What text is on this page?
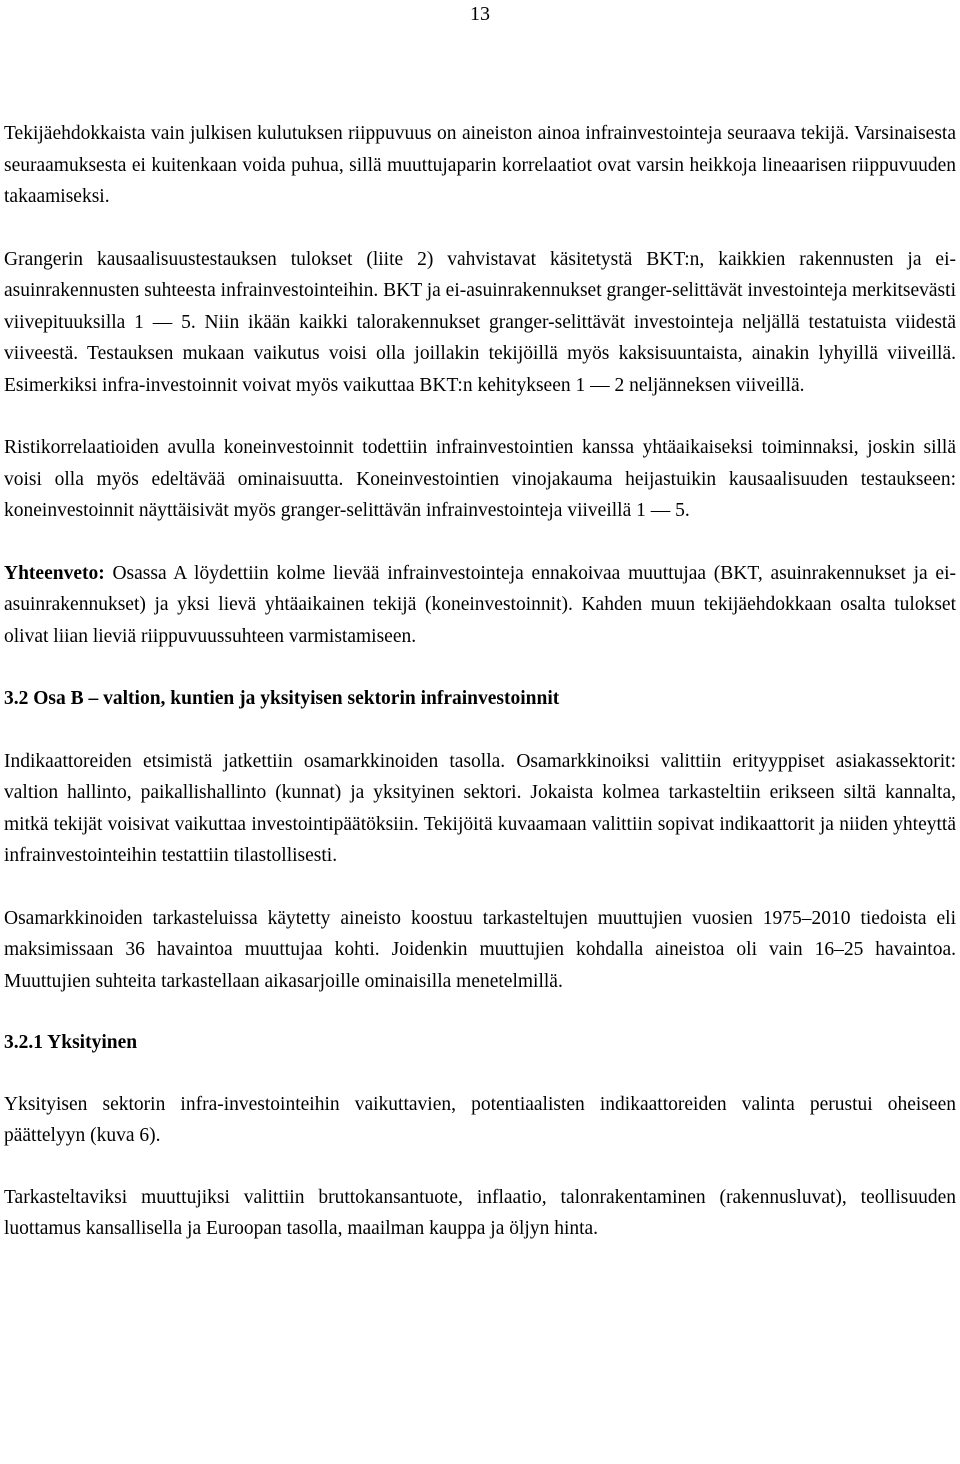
13

Tekijäehdokkaista vain julkisen kulutuksen riippuvuus on aineiston ainoa infrainvestointeja seuraava tekijä. Varsinaisesta seuraamuksesta ei kuitenkaan voida puhua, sillä muuttujaparin korrelaatiot ovat varsin heikkoja lineaarisen riippuvuuden takaamiseksi.

Grangerin kausaalisuustestauksen tulokset (liite 2) vahvistavat käsitetystä BKT:n, kaikkien rakennusten ja ei-asuinrakennusten suhteesta infrainvestointeihin. BKT ja ei-asuinrakennukset granger-selittävät investointeja merkitsevästi viivepituuksilla 1 — 5. Niin ikään kaikki talorakennukset granger-selittävät investointeja neljällä testatuista viidestä viiveestä. Testauksen mukaan vaikutus voisi olla joillakin tekijöillä myös kaksisuuntaista, ainakin lyhyillä viiveillä. Esimerkiksi infra-investoinnit voivat myös vaikuttaa BKT:n kehitykseen 1 — 2 neljänneksen viiveillä.

Ristikorrelaatioiden avulla koneinvestoinnit todettiin infrainvestointien kanssa yhtäaikaiseksi toiminnaksi, joskin sillä voisi olla myös edeltävää ominaisuutta. Koneinvestointien vinojakauma heijastuikin kausaalisuuden testaukseen: koneinvestoinnit näyttäisivät myös granger-selittävän infrainvestointeja viiveillä 1 — 5.

Yhteenveto: Osassa A löydettiin kolme lievää infrainvestointeja ennakoivaa muuttujaa (BKT, asuinrakennukset ja ei-asuinrakennukset) ja yksi lievä yhtäaikainen tekijä (koneinvestoinnit). Kahden muun tekijäehdokkaan osalta tulokset olivat liian lieviä riippuvuussuhteen varmistamiseen.

3.2 Osa B – valtion, kuntien ja yksityisen sektorin infrainvestoinnit

Indikaattoreiden etsimistä jatkettiin osamarkkinoiden tasolla. Osamarkkinoiksi valittiin erityyppiset asiakassektorit: valtion hallinto, paikallishallinto (kunnat) ja yksityinen sektori. Jokaista kolmea tarkasteltiin erikseen siltä kannalta, mitkä tekijät voisivat vaikuttaa investointipäätöksiin. Tekijöitä kuvaamaan valittiin sopivat indikaattorit ja niiden yhteyttä infrainvestointeihin testattiin tilastollisesti.

Osamarkkinoiden tarkasteluissa käytetty aineisto koostuu tarkasteltujen muuttujien vuosien 1975–2010 tiedoista eli maksimissaan 36 havaintoa muuttujaa kohti. Joidenkin muuttujien kohdalla aineistoa oli vain 16–25 havaintoa. Muuttujien suhteita tarkastellaan aikasarjoille ominaisilla menetelmillä.

3.2.1 Yksityinen

Yksityisen sektorin infra-investointeihin vaikuttavien, potentiaalisten indikaattoreiden valinta perustui oheiseen päättelyyn (kuva 6).

Tarkasteltaviksi muuttujiksi valittiin bruttokansantuote, inflaatio, talonrakentaminen (rakennusluvat), teollisuuden luottamus kansallisella ja Euroopan tasolla, maailman kauppa ja öljyn hinta.
